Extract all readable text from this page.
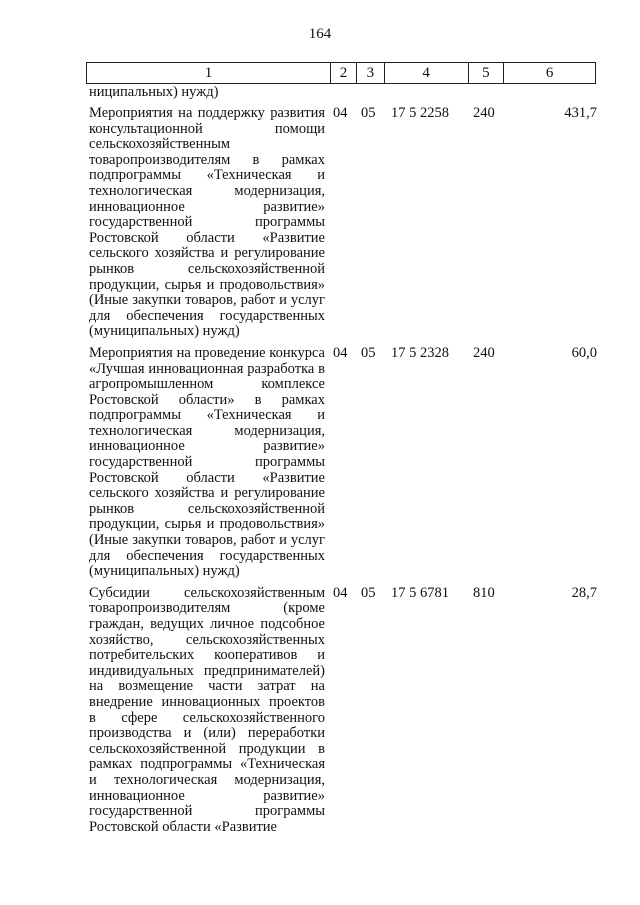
164
1	2	3	4	5	6
ниципальных) нужд)
Мероприятия на поддержку развития консультационной помощи сельскохозяйственным товаропроизводителям в рамках подпрограммы «Техническая и технологическая модернизация, инновационное развитие» государственной программы Ростовской области «Развитие сельского хозяйства и регулирование рынков сельскохозяйственной продукции, сырья и продовольствия» (Иные закупки товаров, работ и услуг для обеспечения государственных (муниципальных) нужд)
04 05	17 5 2258	240	431,7
Мероприятия на проведение конкурса «Лучшая инновационная разработка в агропромышленном комплексе Ростовской области» в рамках подпрограммы «Техническая и технологическая модернизация, инновационное развитие» государственной программы Ростовской области «Развитие сельского хозяйства и регулирование рынков сельскохозяйственной продукции, сырья и продовольствия» (Иные закупки товаров, работ и услуг для обеспечения государственных (муниципальных) нужд)
04 05	17 5 2328	240	60,0
Субсидии сельскохозяйственным товаропроизводителям (кроме граждан, ведущих личное подсобное хозяйство, сельскохозяйственных потребительских кооперативов и индивидуальных предпринимателей) на возмещение части затрат на внедрение инновационных проектов в сфере сельскохозяйственного производства и (или) переработки сельскохозяйственной продукции в рамках подпрограммы «Техническая и технологическая модернизация, инновационное развитие» государственной программы Ростовской области «Развитие
04 05	17 5 6781	810	28,7
